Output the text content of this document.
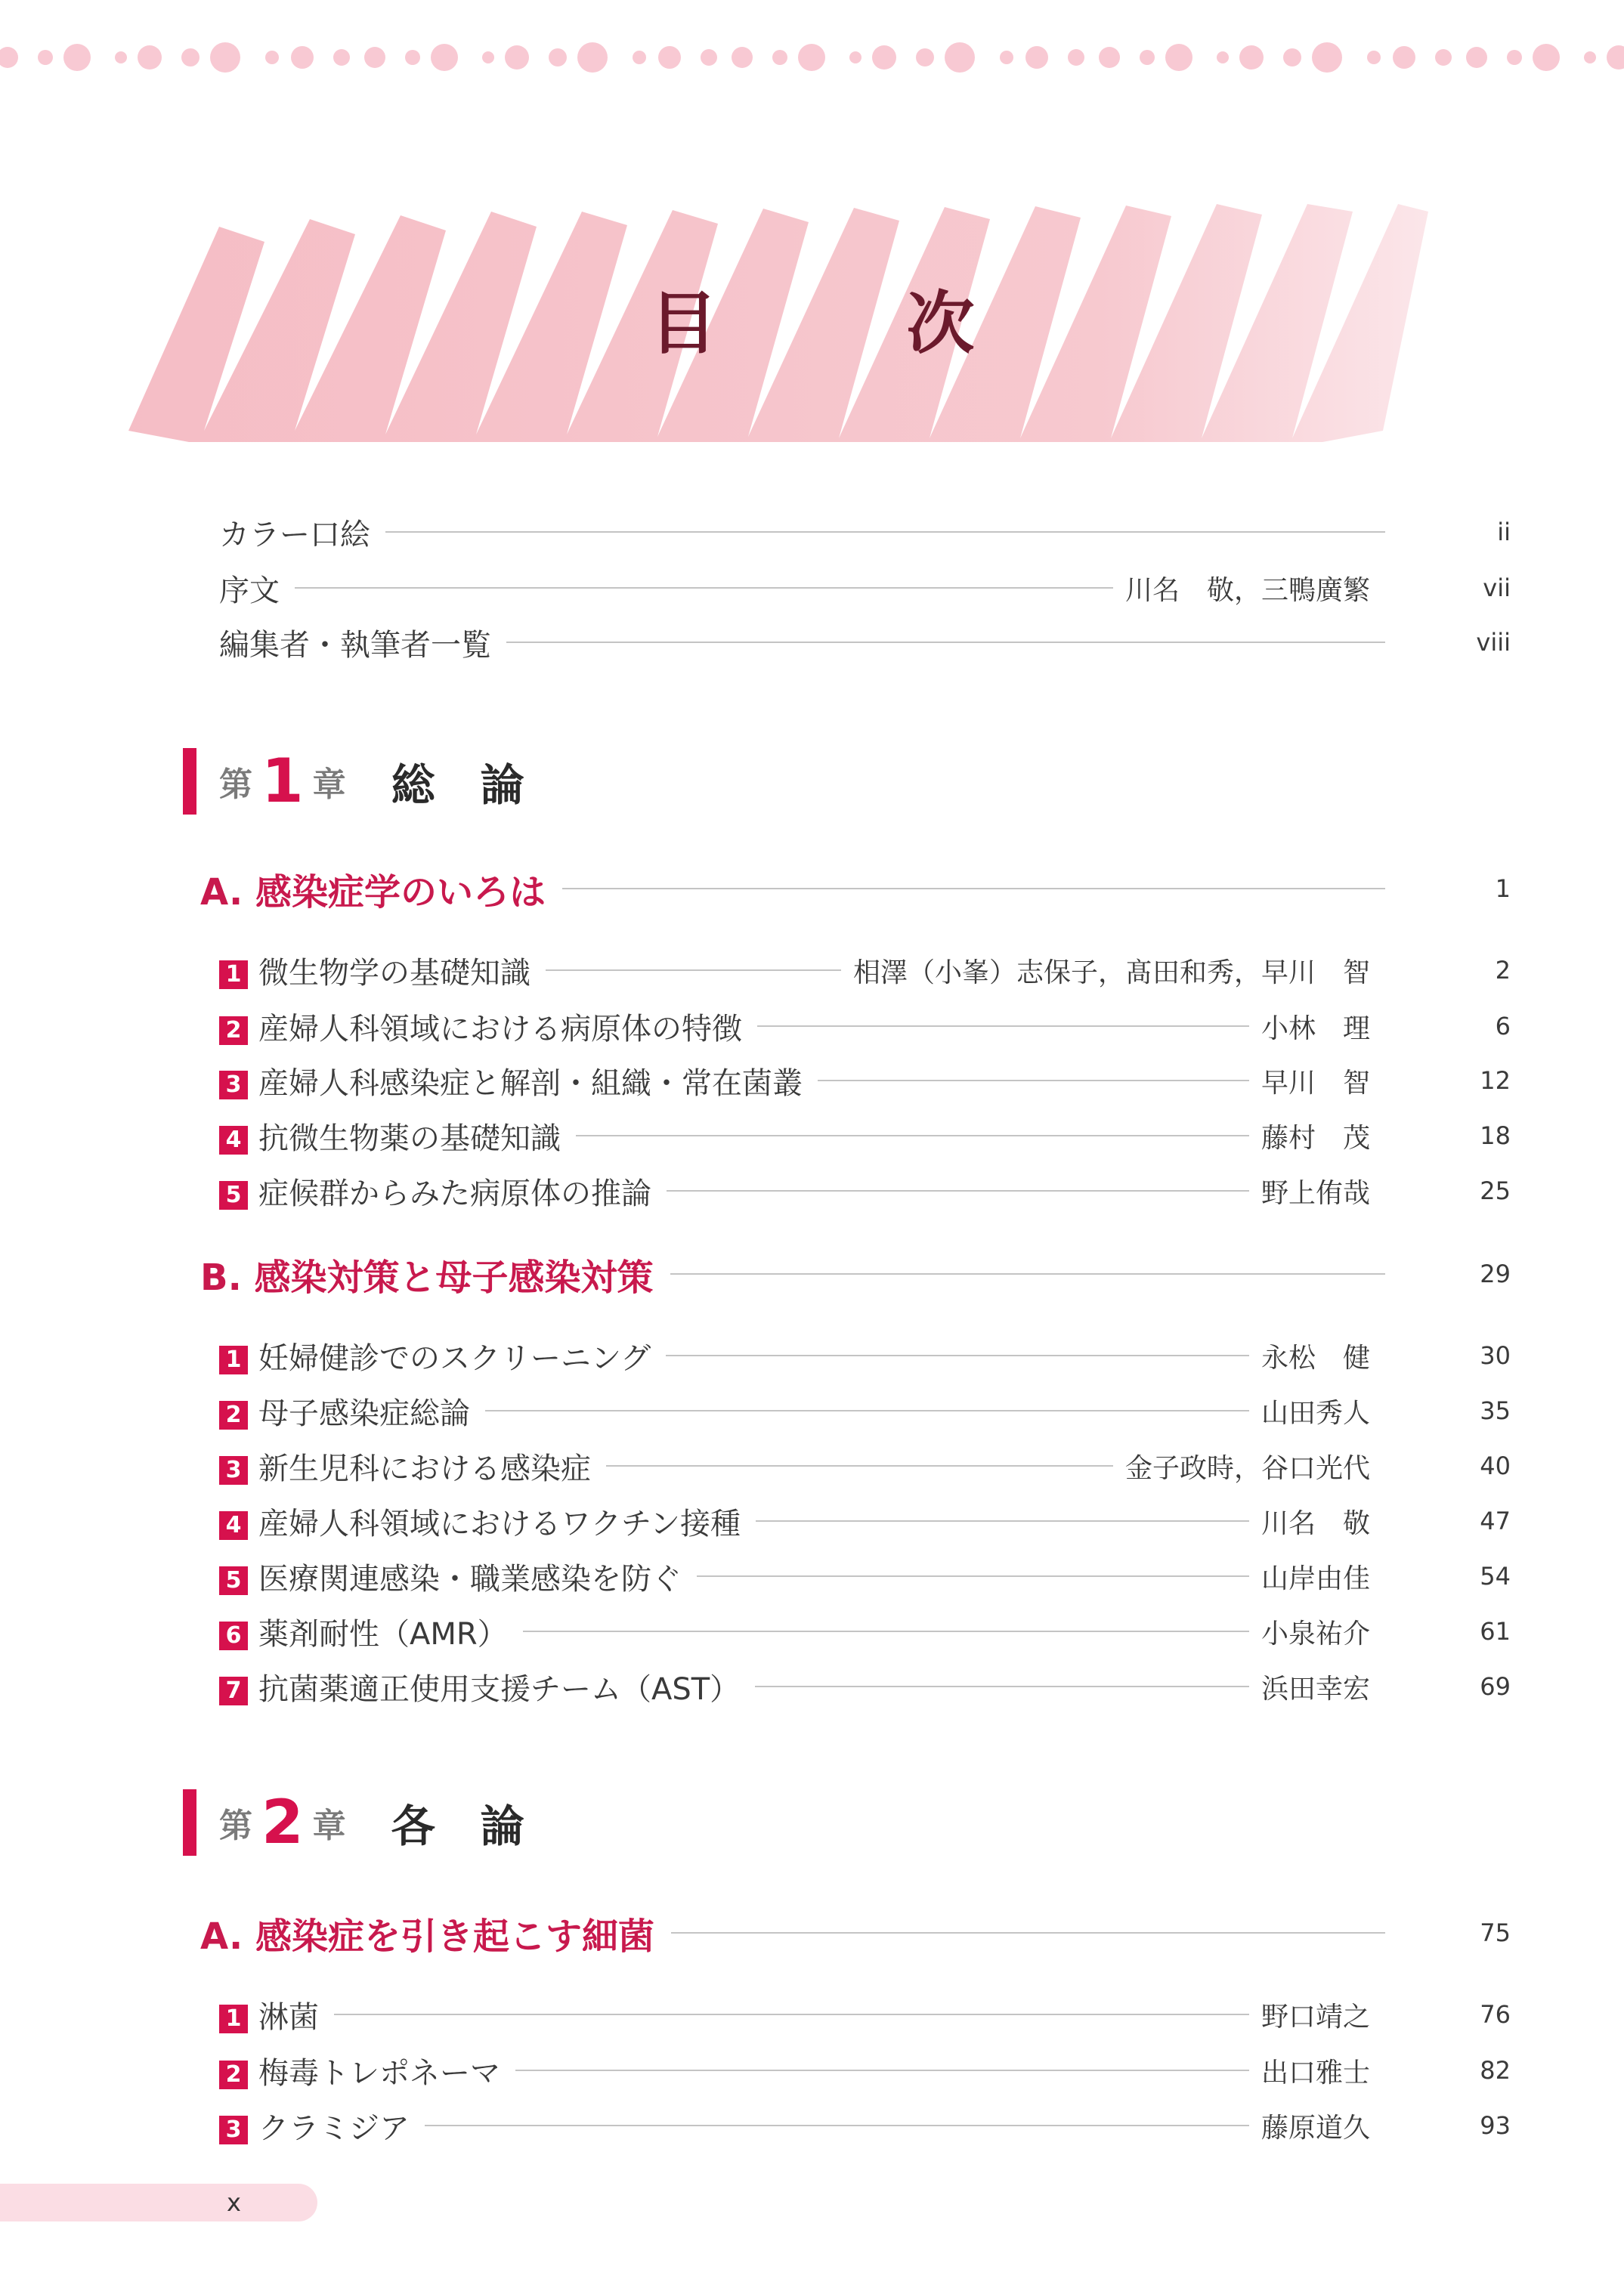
目　次
カラー口絵	ii
序文	川名　敬，三鴨廣繁	vii
編集者・執筆者一覧	viii
第 1 章 総論
A. 感染症学のいろは	1
1 微生物学の基礎知識	相澤（小峯）志保子，髙田和秀，早川　智	2
2 産婦人科領域における病原体の特徴	小林　理	6
3 産婦人科感染症と解剖・組織・常在菌叢	早川　智	12
4 抗微生物薬の基礎知識	藤村　茂	18
5 症候群からみた病原体の推論	野上侑哉	25
B. 感染対策と母子感染対策	29
1 妊婦健診でのスクリーニング	永松　健	30
2 母子感染症総論	山田秀人	35
3 新生児科における感染症	金子政時，谷口光代	40
4 産婦人科領域におけるワクチン接種	川名　敬	47
5 医療関連感染・職業感染を防ぐ	山岸由佳	54
6 薬剤耐性（AMR）	小泉祐介	61
7 抗菌薬適正使用支援チーム（AST）	浜田幸宏	69
第 2 章 各論
A. 感染症を引き起こす細菌	75
1 淋菌	野口靖之	76
2 梅毒トレポネーマ	出口雅士	82
3 クラミジア	藤原道久	93
x
